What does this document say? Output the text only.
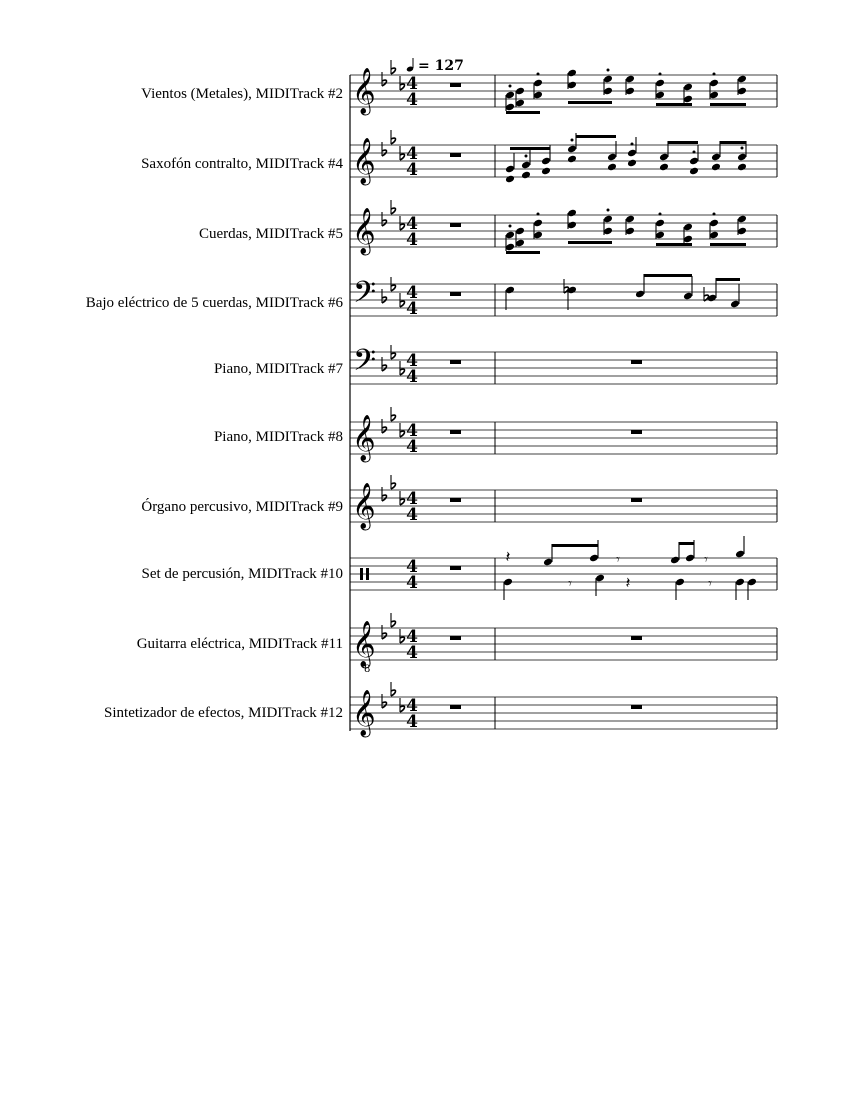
Vientos (Metales), MIDITrack #2
Saxofón contralto, MIDITrack #4
Cuerdas, MIDITrack #5
Bajo eléctrico de 5 cuerdas, MIDITrack #6
Piano, MIDITrack #7
Piano, MIDITrack #8
Órgano percusivo, MIDITrack #9
Set de percusión, MIDITrack #10
Guitarra eléctrica, MIDITrack #11
Sintetizador de efectos, MIDITrack #12
= 127
𝄞 4
4
𝄞 4
4
𝄞 4
4
𝄢 4
4
𝄢 4
4
𝄞 4
4
𝄞 4
4
4
4
𝄽	𝄾	𝄾
𝄾	𝄽	𝄾
𝄞
8
4
4
𝄞 4
4
